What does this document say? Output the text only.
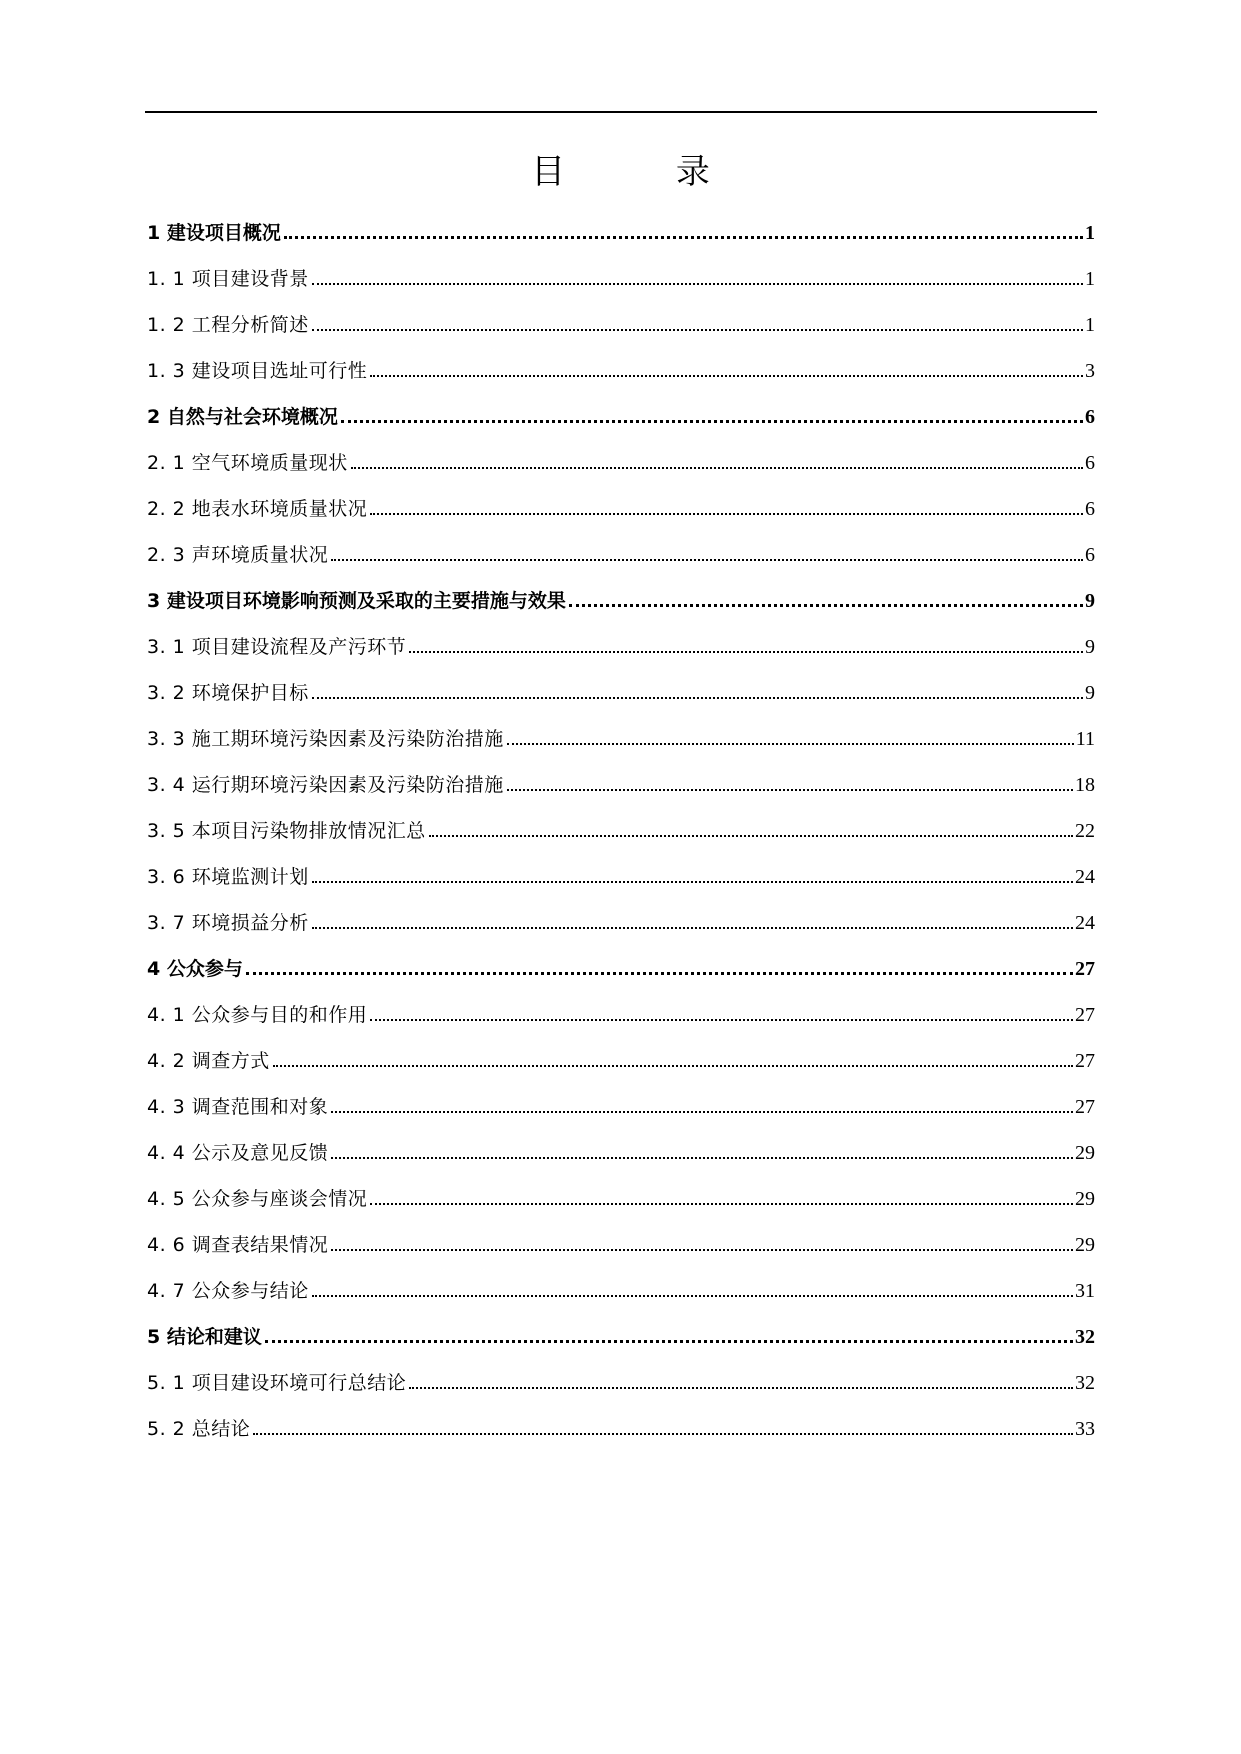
目 录
1 建设项目概况	1
1. 1 项目建设背景	1
1. 2 工程分析简述	1
1. 3 建设项目选址可行性	3
2 自然与社会环境概况	6
2. 1 空气环境质量现状	6
2. 2 地表水环境质量状况	6
2. 3 声环境质量状况	6
3 建设项目环境影响预测及采取的主要措施与效果	9
3. 1 项目建设流程及产污环节	9
3. 2 环境保护目标	9
3. 3 施工期环境污染因素及污染防治措施	11
3. 4 运行期环境污染因素及污染防治措施	18
3. 5 本项目污染物排放情况汇总	22
3. 6 环境监测计划	24
3. 7 环境损益分析	24
4 公众参与	27
4. 1 公众参与目的和作用	27
4. 2 调查方式	27
4. 3 调查范围和对象	27
4. 4 公示及意见反馈	29
4. 5 公众参与座谈会情况	29
4. 6 调查表结果情况	29
4. 7 公众参与结论	31
5 结论和建议	32
5. 1 项目建设环境可行总结论	32
5. 2 总结论	33
